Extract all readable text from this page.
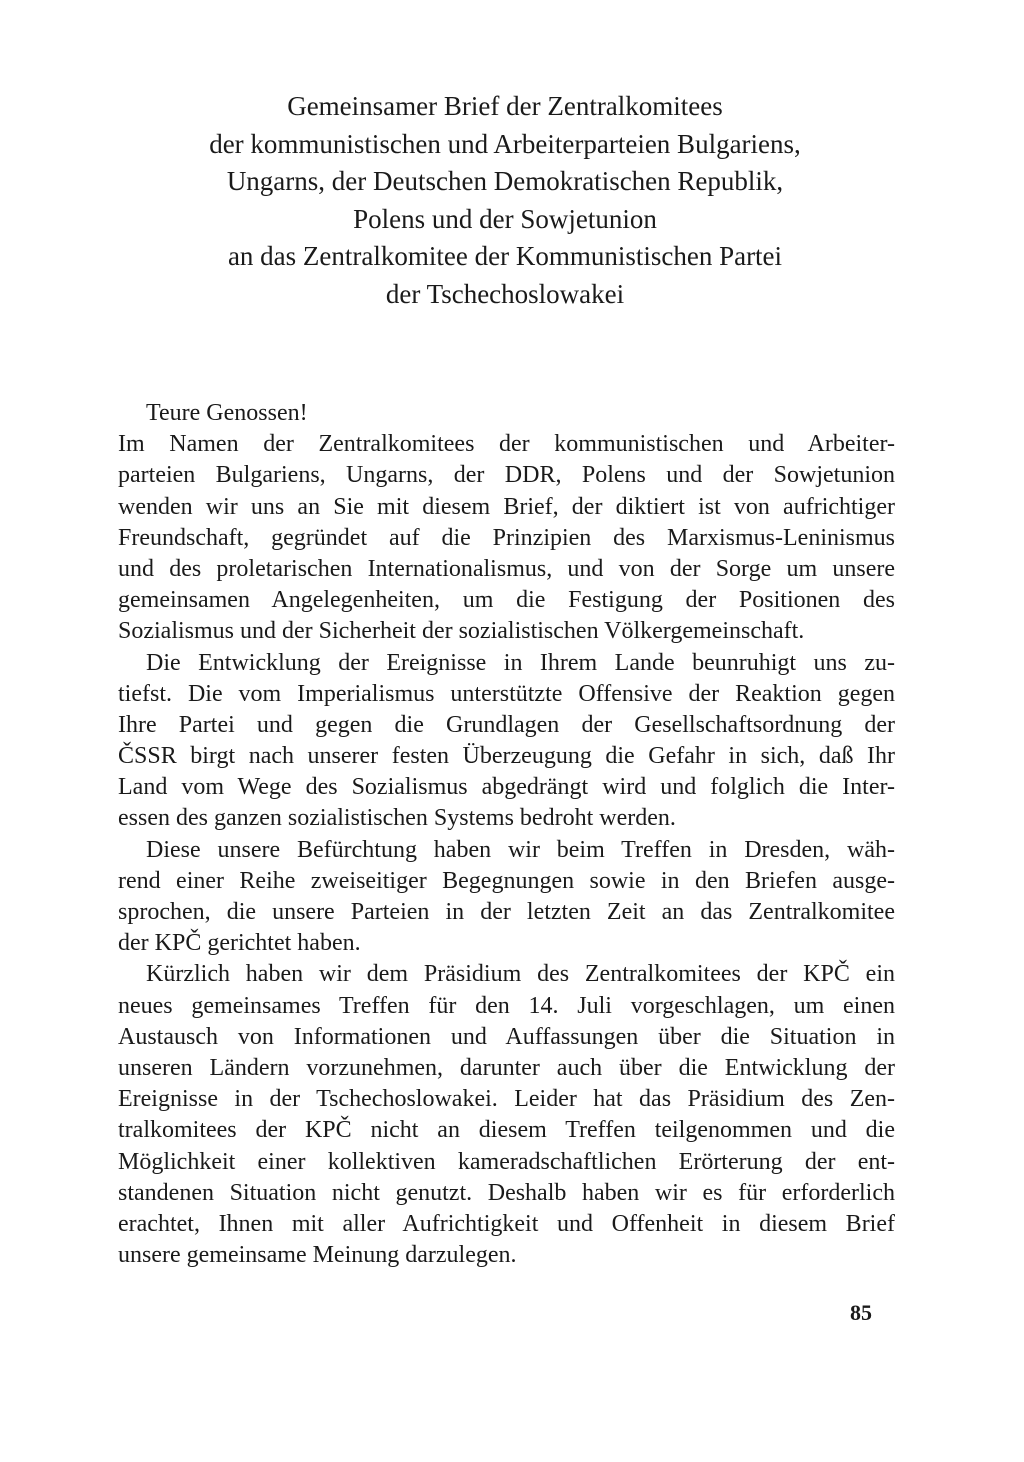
Gemeinsamer Brief der Zentralkomitees
der kommunistischen und Arbeiterparteien Bulgariens,
Ungarns, der Deutschen Demokratischen Republik,
Polens und der Sowjetunion
an das Zentralkomitee der Kommunistischen Partei
der Tschechoslowakei

Teure Genossen!

Im Namen der Zentralkomitees der kommunistischen und Arbeiter-
parteien Bulgariens, Ungarns, der DDR, Polens und der Sowjetunion
wenden wir uns an Sie mit diesem Brief, der diktiert ist von aufrichtiger
Freundschaft, gegründet auf die Prinzipien des Marxismus-Leninismus
und des proletarischen Internationalismus, und von der Sorge um unsere
gemeinsamen Angelegenheiten, um die Festigung der Positionen des
Sozialismus und der Sicherheit der sozialistischen Völkergemeinschaft.

Die Entwicklung der Ereignisse in Ihrem Lande beunruhigt uns zu-
tiefst. Die vom Imperialismus unterstützte Offensive der Reaktion gegen
Ihre Partei und gegen die Grundlagen der Gesellschaftsordnung der
ČSSR birgt nach unserer festen Überzeugung die Gefahr in sich, daß Ihr
Land vom Wege des Sozialismus abgedrängt wird und folglich die Inter-
essen des ganzen sozialistischen Systems bedroht werden.

Diese unsere Befürchtung haben wir beim Treffen in Dresden, wäh-
rend einer Reihe zweiseitiger Begegnungen sowie in den Briefen ausge-
sprochen, die unsere Parteien in der letzten Zeit an das Zentralkomitee
der KPČ gerichtet haben.

Kürzlich haben wir dem Präsidium des Zentralkomitees der KPČ ein
neues gemeinsames Treffen für den 14. Juli vorgeschlagen, um einen
Austausch von Informationen und Auffassungen über die Situation in
unseren Ländern vorzunehmen, darunter auch über die Entwicklung der
Ereignisse in der Tschechoslowakei. Leider hat das Präsidium des Zen-
tralkomitees der KPČ nicht an diesem Treffen teilgenommen und die
Möglichkeit einer kollektiven kameradschaftlichen Erörterung der ent-
standenen Situation nicht genutzt. Deshalb haben wir es für erforderlich
erachtet, Ihnen mit aller Aufrichtigkeit und Offenheit in diesem Brief
unsere gemeinsame Meinung darzulegen.

85
